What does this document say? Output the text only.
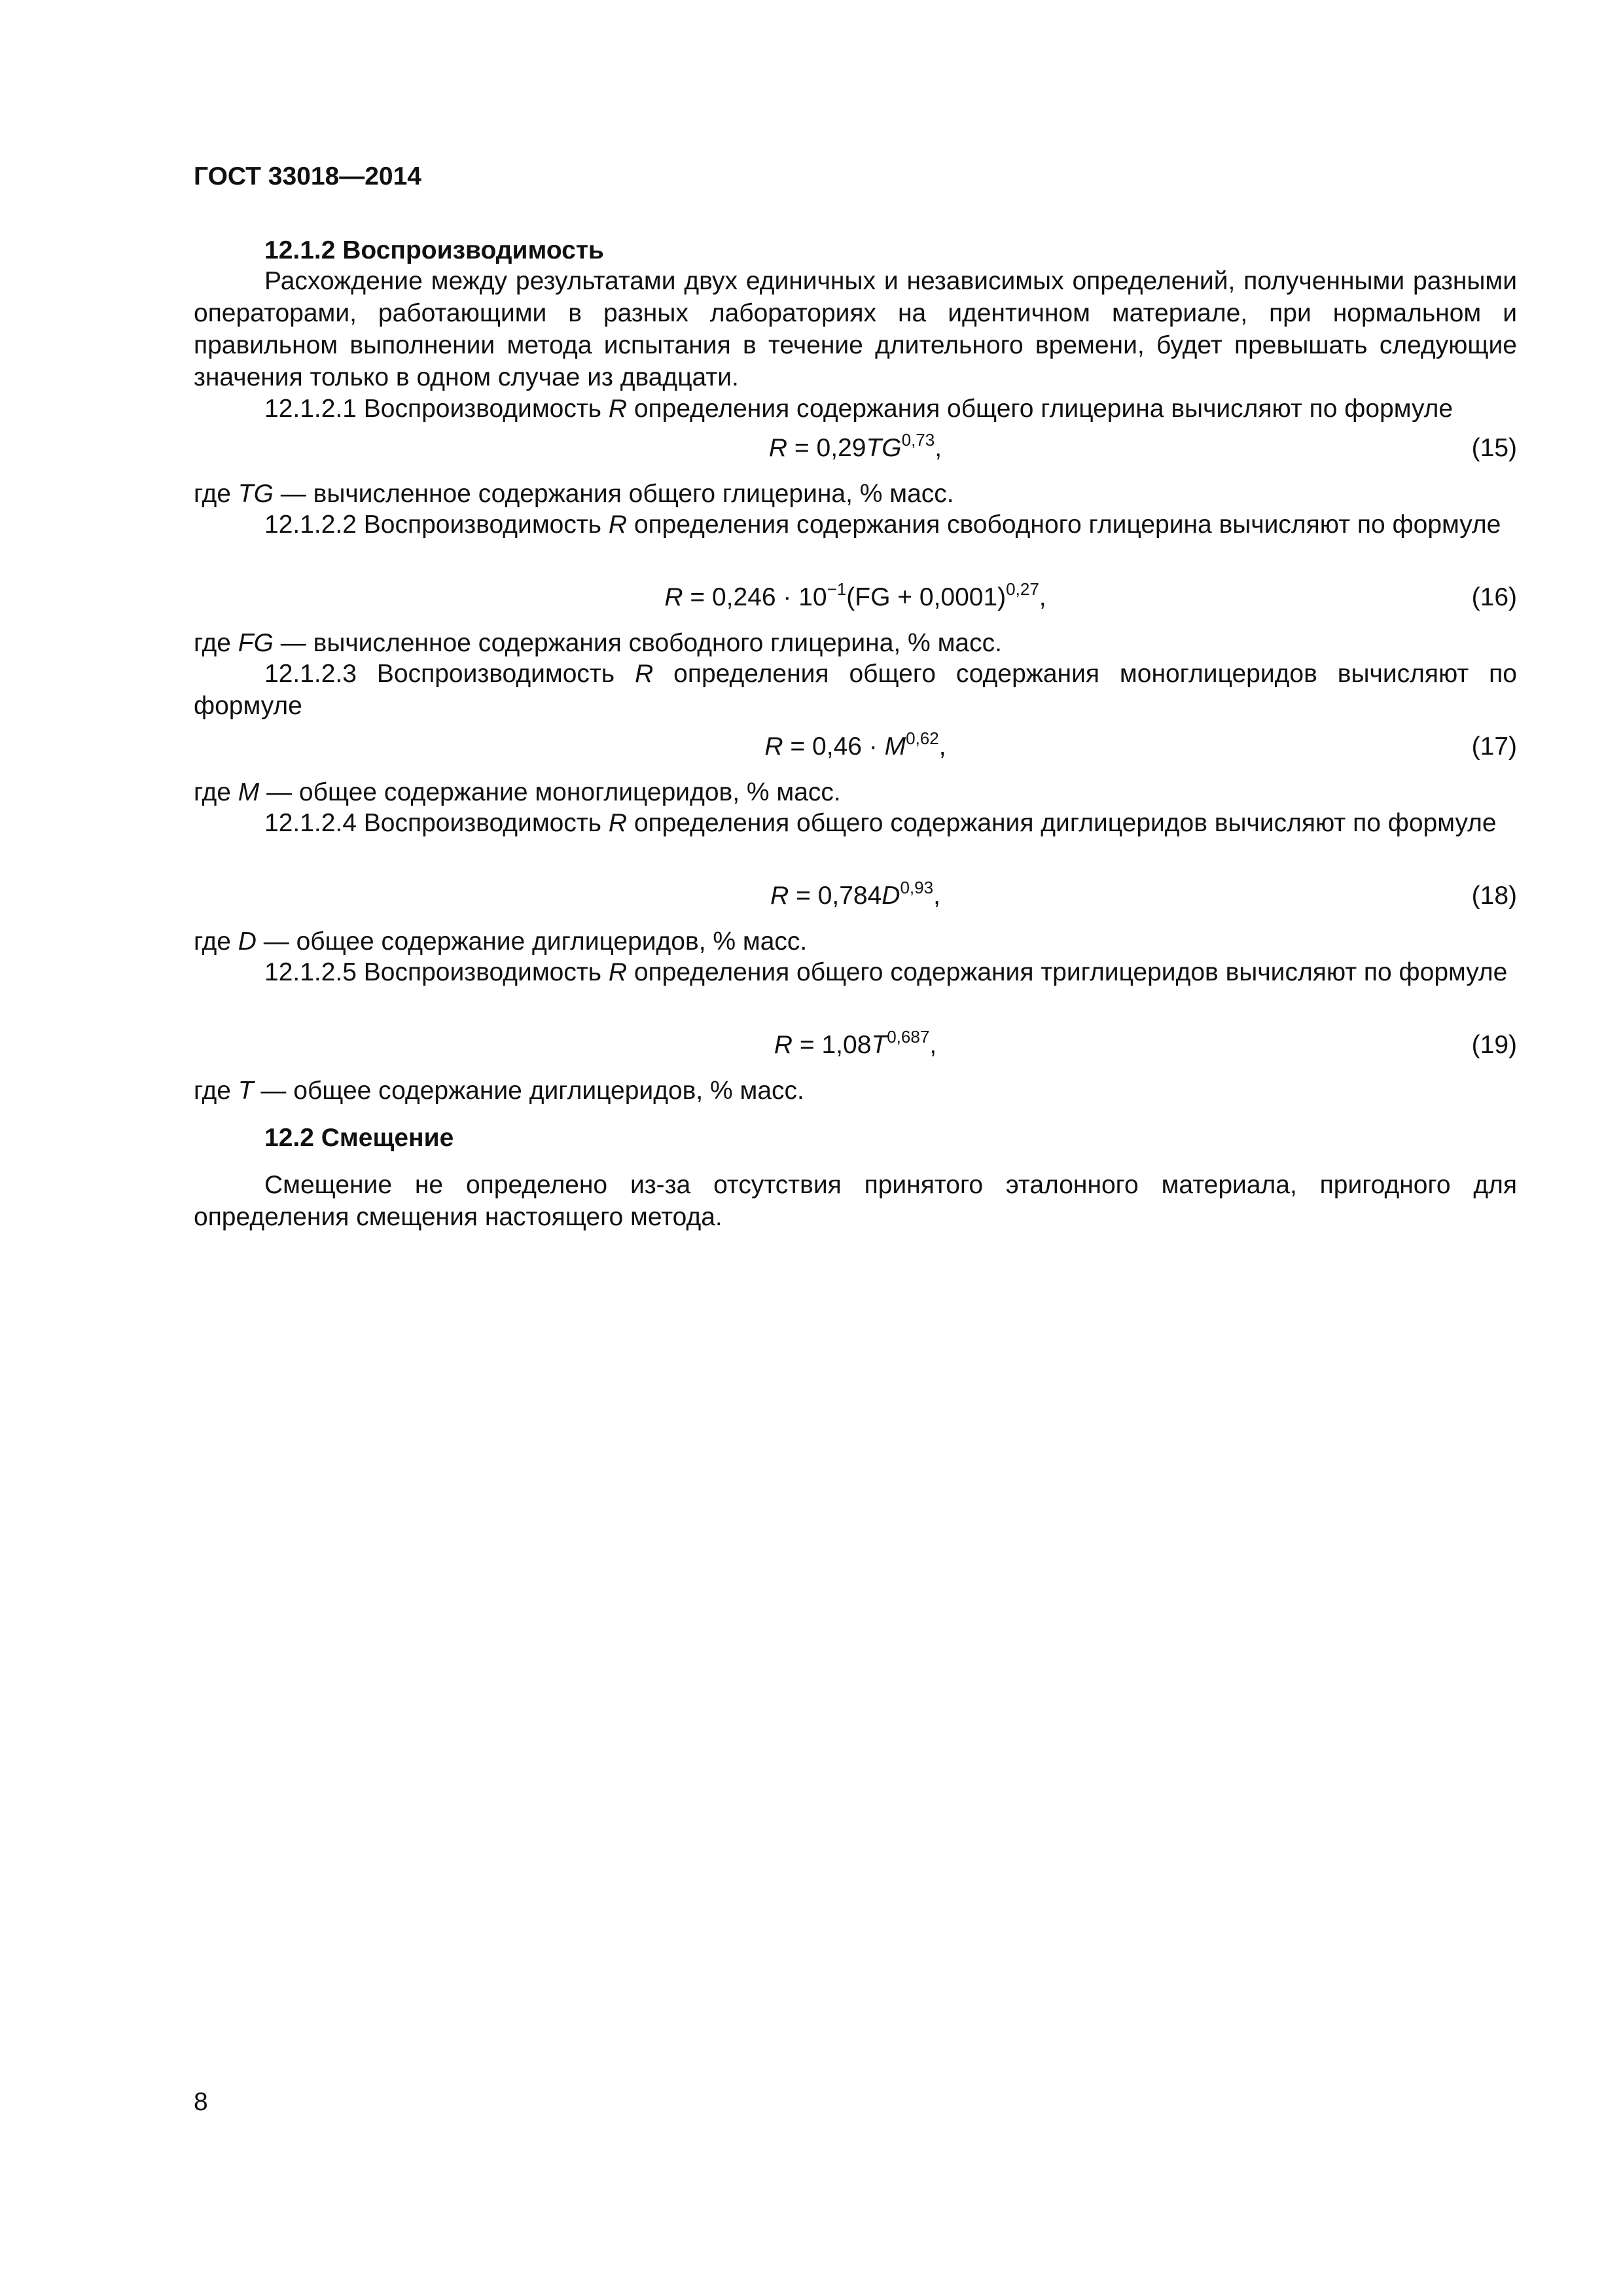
ГОСТ 33018—2014
12.1.2 Воспроизводимость
Расхождение между результатами двух единичных и независимых определений, полученными разными операторами, работающими в разных лабораториях на идентичном материале, при нормальном и правильном выполнении метода испытания в течение длительного времени, будет превышать следующие значения только в одном случае из двадцати.
12.1.2.1 Воспроизводимость R определения содержания общего глицерина вычисляют по формуле
R = 0,29TG$^{0,73}$,	(15)
где TG — вычисленное содержания общего глицерина, % масс.
12.1.2.2 Воспроизводимость R определения содержания свободного глицерина вычисляют по формуле
$R = 0,246 \cdot 10^{-1}(FG + 0,0001)^{0,27}$,	(16)
где FG — вычисленное содержания свободного глицерина, % масс.
12.1.2.3 Воспроизводимость R определения общего содержания моноглицеридов вычисляют по формуле
R = 0,46 · M$^{0,62}$,	(17)
где M — общее содержание моноглицеридов, % масс.
12.1.2.4 Воспроизводимость R определения общего содержания диглицеридов вычисляют по формуле
$R = 0,784D^{0,93}$,	(18)
где D — общее содержание диглицеридов, % масс.
12.1.2.5 Воспроизводимость R определения общего содержания триглицеридов вычисляют по формуле
$R = 1,08T^{0,687}$,	(19)
где T — общее содержание диглицеридов, % масс.
12.2 Смещение
Смещение не определено из-за отсутствия принятого эталонного материала, пригодного для определения смещения настоящего метода.
8
